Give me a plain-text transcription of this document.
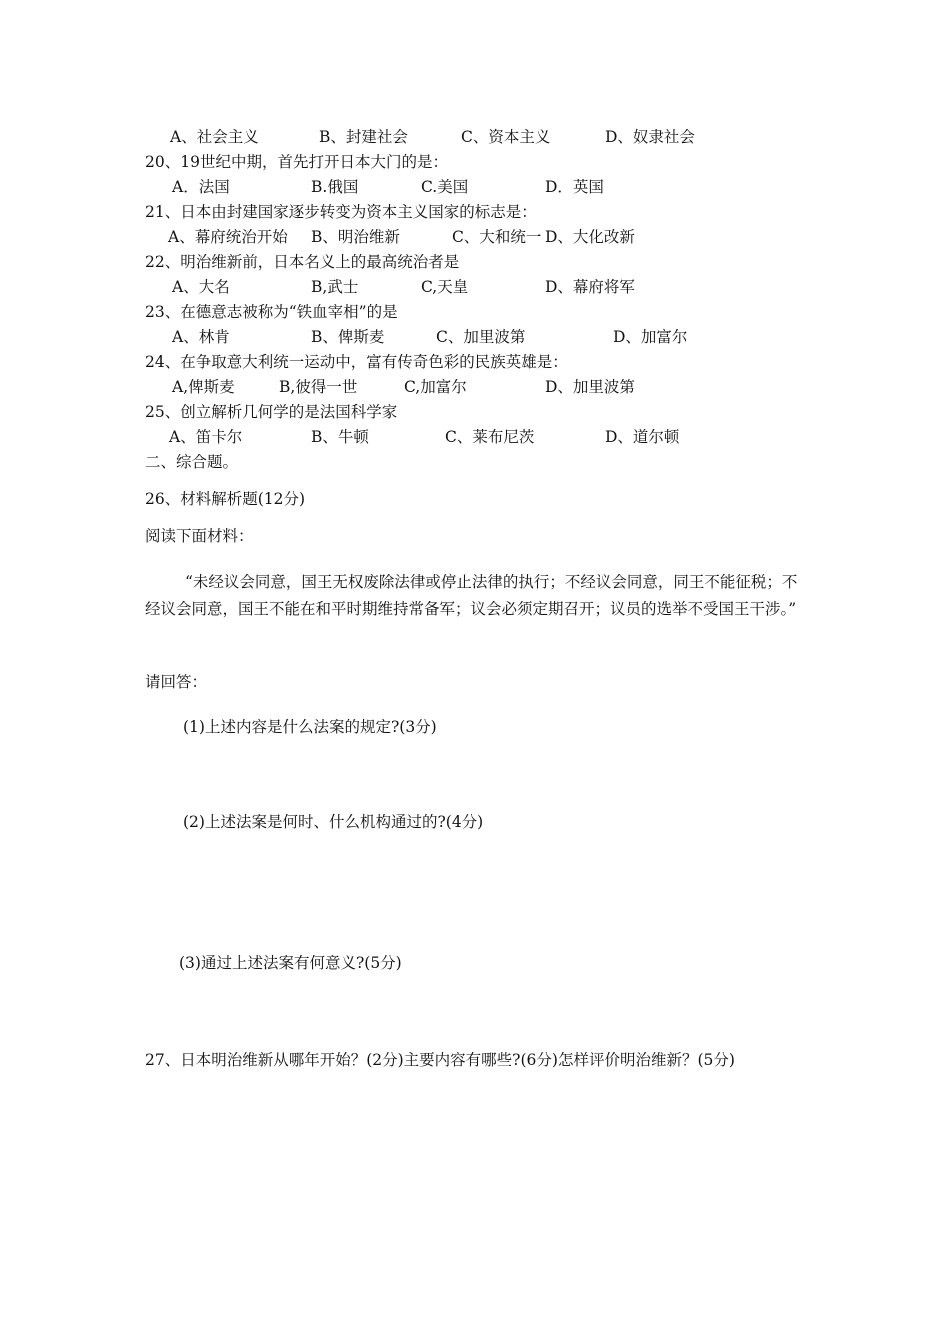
A、社会主义	B、封建社会	C、资本主义	D、奴隶社会
20、19世纪中期，首先打开日本大门的是：
A．法国	B.俄国	C.美国	D．英国
21、日本由封建国家逐步转变为资本主义国家的标志是：
A、幕府统治开始 B、明治维新	C、大和统一 D、大化改新
22、明治维新前，日本名义上的最高统治者是
A、大名	B,武士	C,天皇	D、幕府将军
23、在德意志被称为“铁血宰相”的是
A、林肯	B、俾斯麦	C、加里波第	D、加富尔
24、在争取意大利统一运动中，富有传奇色彩的民族英雄是：
A,俾斯麦	B,彼得一世	C,加富尔	D、加里波第
25、创立解析几何学的是法国科学家
A、笛卡尔	B、牛顿	C、莱布尼茨	D、道尔顿
二、综合题。
26、材料解析题(12分)
阅读下面材料：
“未经议会同意，国王无权废除法律或停止法律的执行；不经议会同意，同王不能征税；不经议会同意，国王不能在和平时期维持常备军；议会必须定期召开；议员的选举不受国王干涉。”
请回答：
(1)上述内容是什么法案的规定?(3分)
(2)上述法案是何时、什么机构通过的?(4分)
(3)通过上述法案有何意义?(5分)
27、日本明治维新从哪年开始？(2分)主要内容有哪些?(6分)怎样评价明治维新？(5分)
